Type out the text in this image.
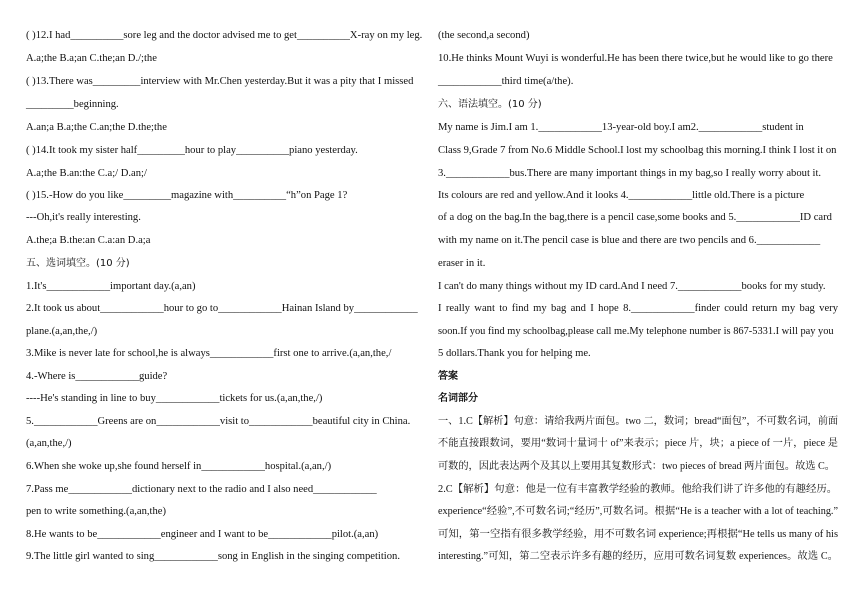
( )12.I had__________sore leg and the doctor advised me to get__________X-ray on my leg.
A.a;the B.a;an C.the;an D./;the
( )13.There was_________interview with Mr.Chen yesterday.But it was a pity that I missed
_________beginning.
A.an;a B.a;the C.an;the D.the;the
( )14.It took my sister half_________hour to play__________piano yesterday.
A.a;the B.an:the C.a;/ D.an;/
( )15.-How do you like_________magazine with__________“h”on Page 1?
---Oh,it's really interesting.
A.the;a B.the:an C.a:an D.a;a
五、选词填空。(10 分)
1.It's____________important day.(a,an)
2.It took us about____________hour to go to____________Hainan Island by____________
plane.(a,an,the,/)
3.Mike is never late for school,he is always____________first one to arrive.(a,an,the,/
4.-Where is____________guide?
----He's standing in line to buy____________tickets for us.(a,an,the,/)
5.____________Greens are on____________visit to____________beautiful city in China.
(a,an,the,/)
6.When she woke up,she found herself in____________hospital.(a,an,/)
7.Pass me____________dictionary next to the radio and I also need____________
pen to write something.(a,an,the)
8.He wants to be____________engineer and I want to be____________pilot.(a,an)
9.The little girl wanted to sing____________song in English in the singing competition.
(the second,a second)
10.He thinks Mount Wuyi is wonderful.He has been there twice,but he would like to go there
____________third time(a/the).
六、语法填空。(10 分)
My name is Jim.I am 1.____________13-year-old boy.I am2.____________student in
Class 9,Grade 7 from No.6 Middle School.I lost my schoolbag this morning.I think I lost it on
3.____________bus.There are many important things in my bag,so I really worry about it.
Its colours are red and yellow.And it looks 4.____________little old.There is a picture
of a dog on the bag.In the bag,there is a pencil case,some books and 5.____________ID card
with my name on it.The pencil case is blue and there are two pencils and 6.____________
eraser in it.
I can't do many things without my ID card.And I need 7.____________books for my study.
I really want to find my bag and I hope 8.____________finder could return my bag very
soon.If you find my schoolbag,please call me.My telephone number is 867-5331.I will pay you
5 dollars.Thank you for helping me.
答案
名词部分
一、1.C【解析】句意：请给我两片面包。two 二，数词；bread“面包”，不可数名词，前面
不能直接跟数词，要用“数词十量词十 of”来表示；piece 片，块；a piece of 一片，piece 是
可数的，因此表达两个及其以上要用其复数形式：two pieces of bread 两片面包。故选 C。
2.C【解析】句意：他是一位有丰富教学经验的教师。他给我们讲了许多他的有趣经历。
experience“经验”,不可数名词;“经历”,可数名词。根据“He is a teacher with a lot of teaching.”
可知，第一空指有很多教学经验，用不可数名词 experience;再根据“He tells us many of his
interesting.”可知，第二空表示许多有趣的经历，应用可数名词复数 experiences。故选 C。
